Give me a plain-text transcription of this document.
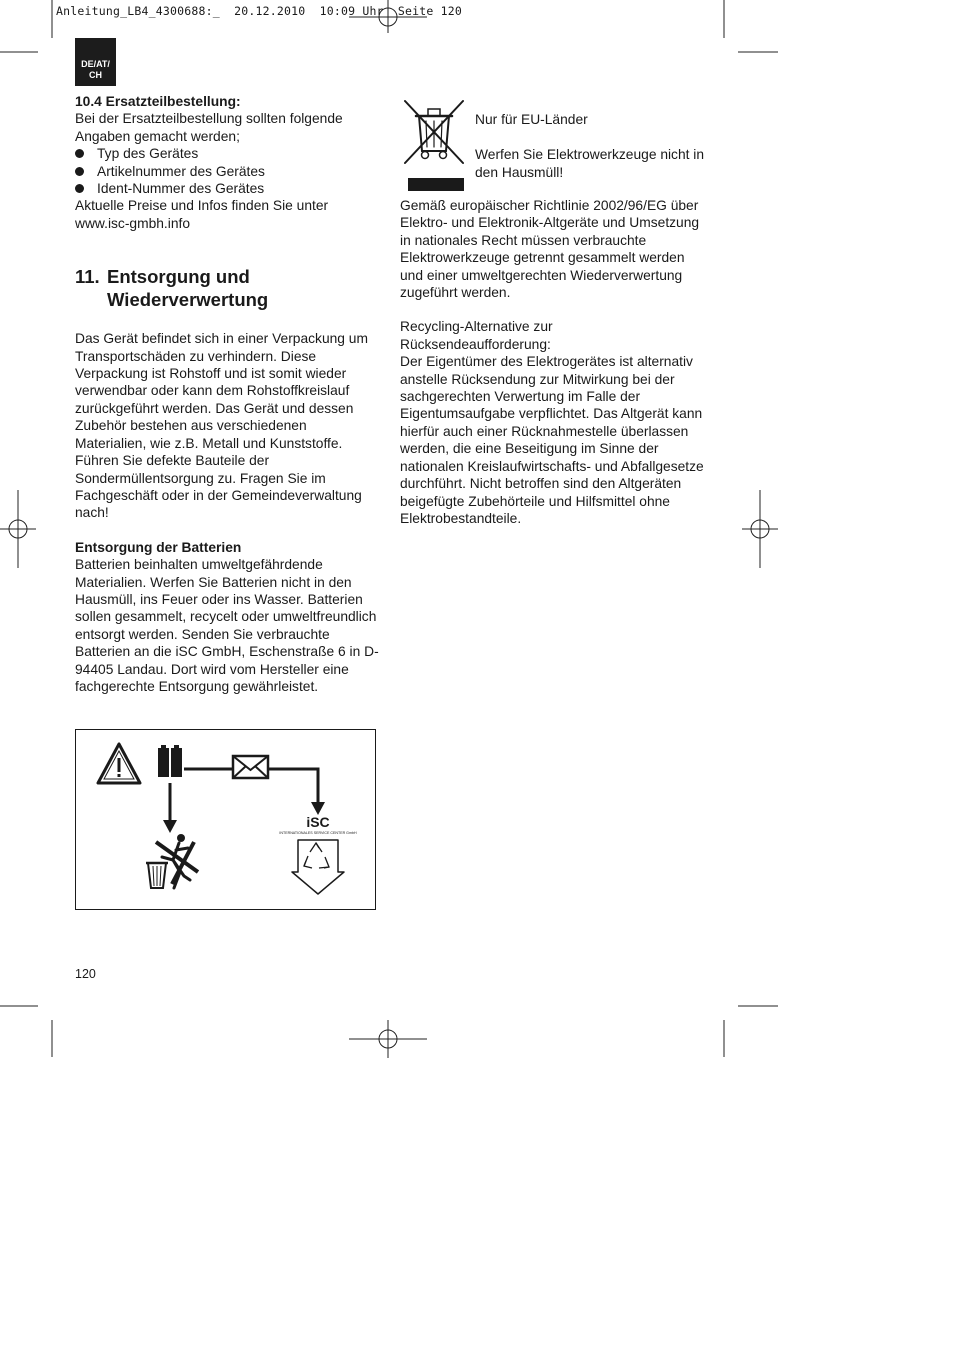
Anleitung_LB4_4300688:_  20.12.2010  10:09 Uhr  Seite 120
DE/AT/
CH

10.4 Ersatzteilbestellung:

Bei der Ersatzteilbestellung sollten folgende Angaben gemacht werden;

Typ des Gerätes
Artikelnummer des Gerätes
Ident-Nummer des Gerätes

Aktuelle Preise und Infos finden Sie unter www.isc-gmbh.info

11. Entsorgung und
Wiederverwertung

Das Gerät befindet sich in einer Verpackung um Transportschäden zu verhindern. Diese Verpackung ist Rohstoff und ist somit wieder verwendbar oder kann dem Rohstoffkreislauf zurückgeführt werden. Das Gerät und dessen Zubehör bestehen aus verschiedenen Materialien, wie z.B. Metall und Kunststoffe. Führen Sie defekte Bauteile der Sondermüllentsorgung zu. Fragen Sie im Fachgeschäft oder in der Gemeindeverwaltung nach!

Entsorgung der Batterien

Batterien beinhalten umweltgefährdende Materialien. Werfen Sie Batterien nicht in den Hausmüll, ins Feuer oder ins Wasser. Batterien sollen gesammelt, recycelt oder umweltfreundlich entsorgt werden. Senden Sie verbrauchte Batterien an die iSC GmbH, Eschenstraße 6 in D-94405 Landau. Dort wird vom Hersteller eine fachgerechte Entsorgung gewährleistet.

iSC
INTERNATIONALES SERVICE CENTER GmbH

Nur für EU-Länder

Werfen Sie Elektrowerkzeuge nicht in den Hausmüll!

Gemäß europäischer Richtlinie 2002/96/EG über Elektro- und Elektronik-Altgeräte und Umsetzung in nationales Recht müssen verbrauchte Elektrowerkzeuge getrennt gesammelt werden und einer umweltgerechten Wiederverwertung zugeführt werden.

Recycling-Alternative zur Rücksendeaufforderung:

Der Eigentümer des Elektrogerätes ist alternativ anstelle Rücksendung zur Mitwirkung bei der sachgerechten Verwertung im Falle der Eigentumsaufgabe verpflichtet. Das Altgerät kann hierfür auch einer Rücknahmestelle überlassen werden, die eine Beseitigung im Sinne der nationalen Kreislaufwirtschafts- und Abfallgesetze durchführt. Nicht betroffen sind den Altgeräten beigefügte Zubehörteile und Hilfsmittel ohne Elektrobestandteile.

120
